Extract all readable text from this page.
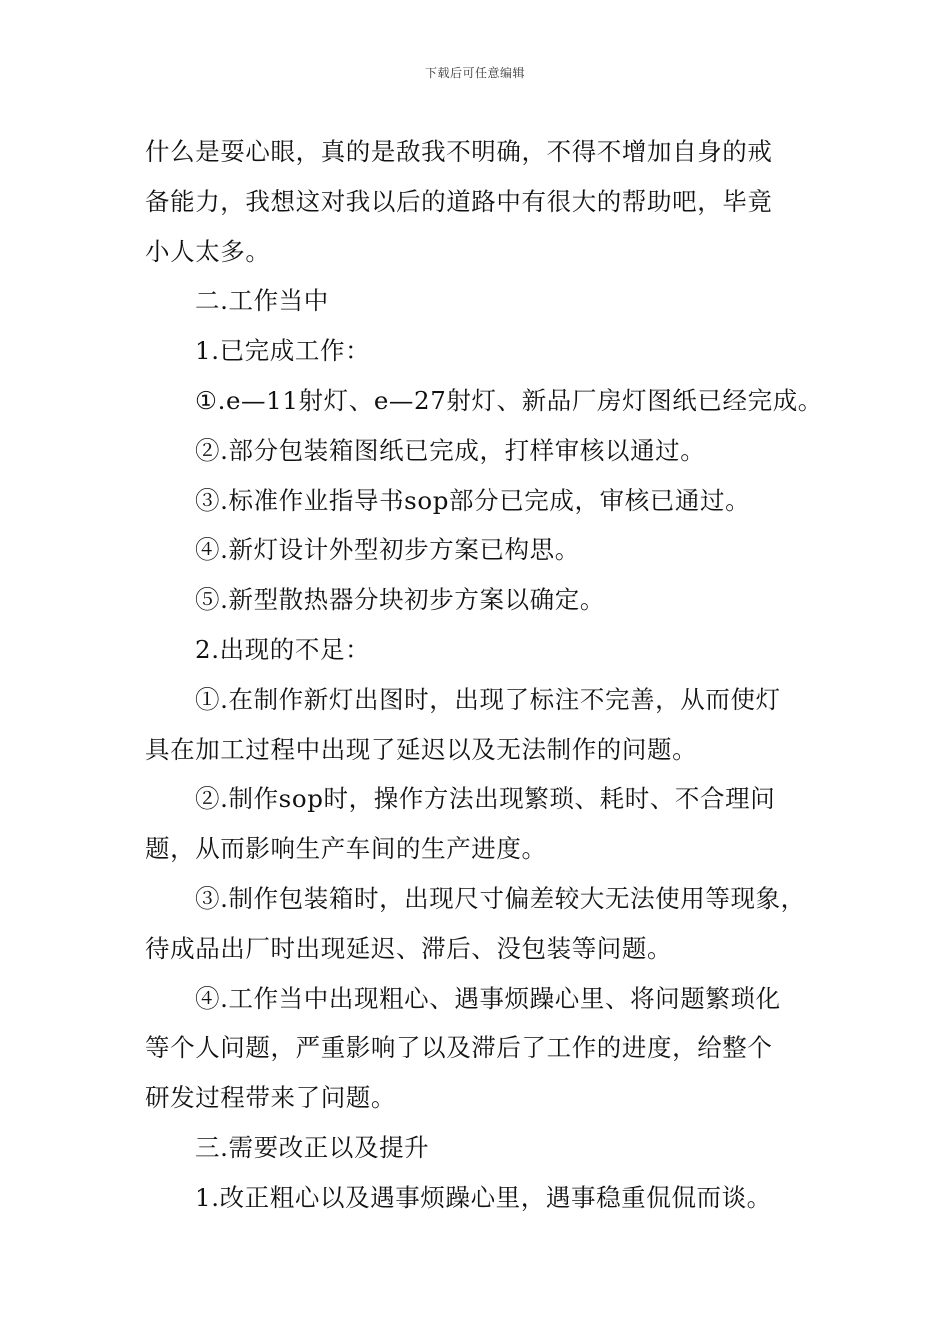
下载后可任意编辑
什么是耍心眼，真的是敌我不明确，不得不增加自身的戒
备能力，我想这对我以后的道路中有很大的帮助吧，毕竟
小人太多。
二.工作当中
1.已完成工作：
①.e—11射灯、e—27射灯、新品厂房灯图纸已经完成。
②.部分包装箱图纸已完成，打样审核以通过。
③.标准作业指导书sop部分已完成，审核已通过。
④.新灯设计外型初步方案已构思。
⑤.新型散热器分块初步方案以确定。
2.出现的不足：
①.在制作新灯出图时，出现了标注不完善，从而使灯
具在加工过程中出现了延迟以及无法制作的问题。
②.制作sop时，操作方法出现繁琐、耗时、不合理问
题，从而影响生产车间的生产进度。
③.制作包装箱时，出现尺寸偏差较大无法使用等现象，
待成品出厂时出现延迟、滞后、没包装等问题。
④.工作当中出现粗心、遇事烦躁心里、将问题繁琐化
等个人问题，严重影响了以及滞后了工作的进度，给整个
研发过程带来了问题。
三.需要改正以及提升
1.改正粗心以及遇事烦躁心里，遇事稳重侃侃而谈。
